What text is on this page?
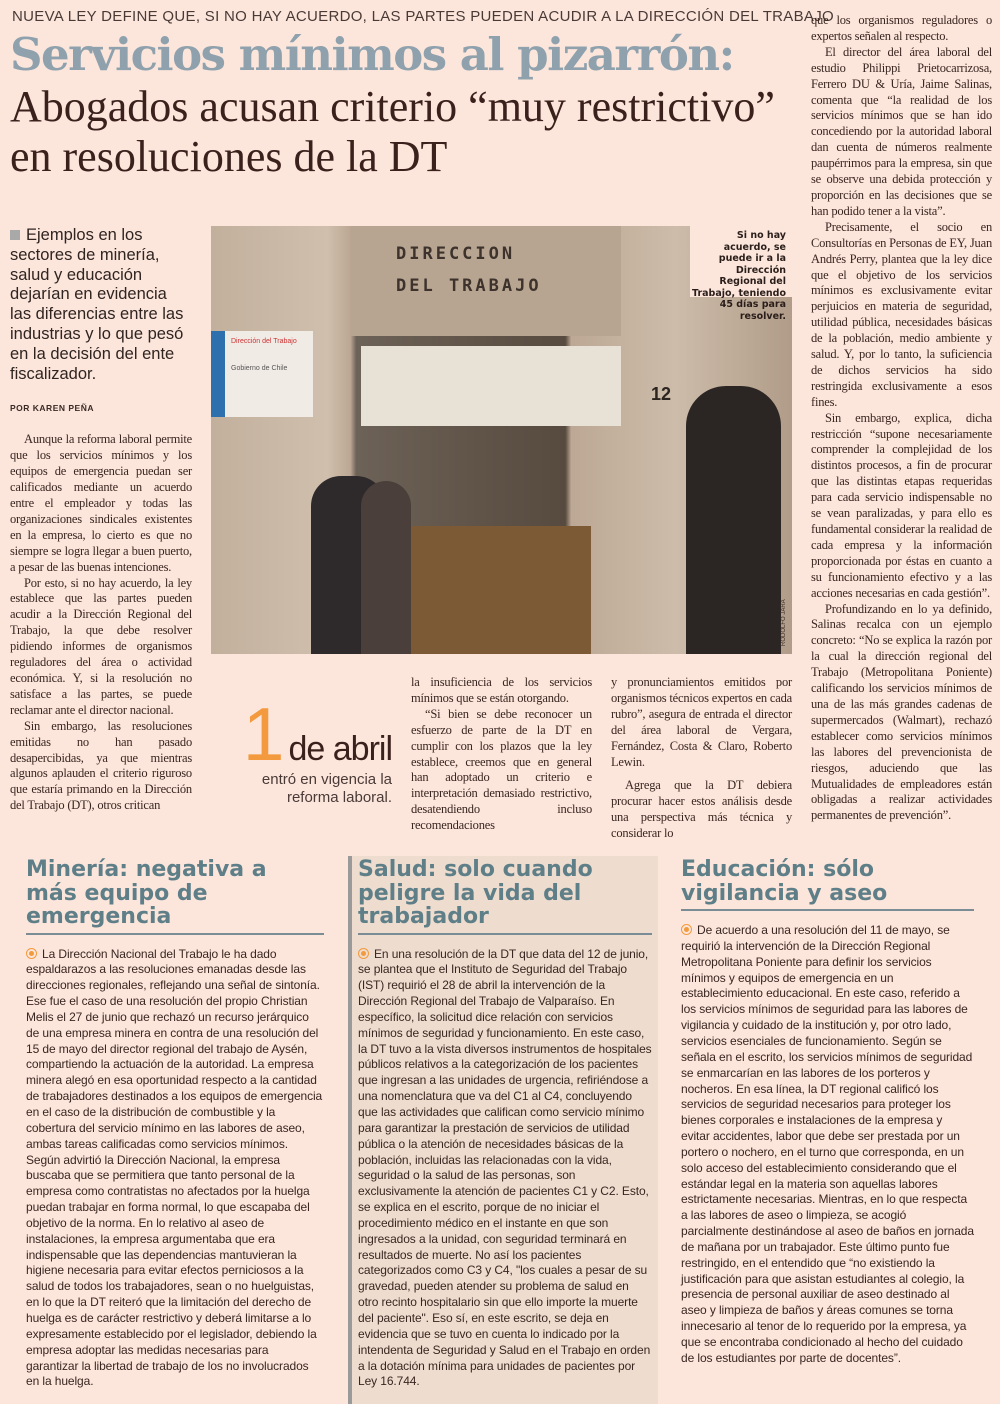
NUEVA LEY DEFINE QUE, SI NO HAY ACUERDO, LAS PARTES PUEDEN ACUDIR A LA DIRECCIÓN DEL TRABAJO
Servicios mínimos al pizarrón:
Abogados acusan criterio “muy restrictivo” en resoluciones de la DT
Ejemplos en los sectores de minería, salud y educación dejarían en evidencia las diferencias entre las industrias y lo que pesó en la decisión del ente fiscalizador.
POR KAREN PEÑA

Aunque la reforma laboral permite que los servicios mínimos y los equipos de emergencia puedan ser calificados mediante un acuerdo entre el empleador y todas las organizaciones sindicales existentes en la empresa, lo cierto es que no siempre se logra llegar a buen puerto, a pesar de las buenas intenciones.

Por esto, si no hay acuerdo, la ley establece que las partes pueden acudir a la Dirección Regional del Trabajo, la que debe resolver pidiendo informes de organismos reguladores del área o actividad económica. Y, si la resolución no satisface a las partes, se puede reclamar ante el director nacional.

Sin embargo, las resoluciones emitidas no han pasado desapercibidas, ya que mientras algunos aplauden el criterio riguroso que estaría primando en la Dirección del Trabajo (DT), otros critican

DIRECCION
DEL TRABAJO
Dirección del Trabajo

Gobierno de Chile
12
Si no hay acuerdo, se puede ir a la Dirección Regional del Trabajo, teniendo 45 días para resolver.
RODOLFO JARA
1 de abril
entró en vigencia la reforma laboral.

la insuficiencia de los servicios mínimos que se están otorgando.

“Si bien se debe reconocer un esfuerzo de parte de la DT en cumplir con los plazos que la ley establece, creemos que en general han adoptado un criterio e interpretación demasiado restrictivo, desatendiendo incluso recomendaciones

y pronunciamientos emitidos por organismos técnicos expertos en cada rubro”, asegura de entrada el director del área laboral de Vergara, Fernández, Costa & Claro, Roberto Lewin.

Agrega que la DT debiera procurar hacer estos análisis desde una perspectiva más técnica y considerar lo

que los organismos reguladores o expertos señalen al respecto.

El director del área laboral del estudio Philippi Prietocarrizosa, Ferrero DU & Uría, Jaime Salinas, comenta que “la realidad de los servicios mínimos que se han ido concediendo por la autoridad laboral dan cuenta de números realmente paupérrimos para la empresa, sin que se observe una debida protección y proporción en las decisiones que se han podido tener a la vista”.

Precisamente, el socio en Consultorías en Personas de EY, Juan Andrés Perry, plantea que la ley dice que el objetivo de los servicios mínimos es exclusivamente evitar perjuicios en materia de seguridad, utilidad pública, necesidades básicas de la población, medio ambiente y salud. Y, por lo tanto, la suficiencia de dichos servicios ha sido restringida exclusivamente a esos fines.

Sin embargo, explica, dicha restricción “supone necesariamente comprender la complejidad de los distintos procesos, a fin de procurar que las distintas etapas requeridas para cada servicio indispensable no se vean paralizadas, y para ello es fundamental considerar la realidad de cada empresa y la información proporcionada por éstas en cuanto a su funcionamiento efectivo y a las acciones necesarias en cada gestión”.

Profundizando en lo ya definido, Salinas recalca con un ejemplo concreto: “No se explica la razón por la cual la dirección regional del Trabajo (Metropolitana Poniente) calificando los servicios mínimos de una de las más grandes cadenas de supermercados (Walmart), rechazó establecer como servicios mínimos las labores del prevencionista de riesgos, aduciendo que las Mutualidades de empleadores están obligadas a realizar actividades permanentes de prevención”.

Minería: negativa a más equipo de emergencia
La Dirección Nacional del Trabajo le ha dado espaldarazos a las resoluciones emanadas desde las direcciones regionales, reflejando una señal de sintonía. Ese fue el caso de una resolución del propio Christian Melis el 27 de junio que rechazó un recurso jerárquico de una empresa minera en contra de una resolución del 15 de mayo del director regional del trabajo de Aysén, compartiendo la actuación de la autoridad. La empresa minera alegó en esa oportunidad respecto a la cantidad de trabajadores destinados a los equipos de emergencia en el caso de la distribución de combustible y la cobertura del servicio mínimo en las labores de aseo, ambas tareas calificadas como servicios mínimos. Según advirtió la Dirección Nacional, la empresa buscaba que se permitiera que tanto personal de la empresa como contratistas no afectados por la huelga puedan trabajar en forma normal, lo que escapaba del objetivo de la norma. En lo relativo al aseo de instalaciones, la empresa argumentaba que era indispensable que las dependencias mantuvieran la higiene necesaria para evitar efectos perniciosos a la salud de todos los trabajadores, sean o no huelguistas, en lo que la DT reiteró que la limitación del derecho de huelga es de carácter restrictivo y deberá limitarse a lo expresamente establecido por el legislador, debiendo la empresa adoptar las medidas necesarias para garantizar la libertad de trabajo de los no involucrados en la huelga.
Salud: solo cuando peligre la vida del trabajador
En una resolución de la DT que data del 12 de junio, se plantea que el Instituto de Seguridad del Trabajo (IST) requirió el 28 de abril la intervención de la Dirección Regional del Trabajo de Valparaíso. En específico, la solicitud dice relación con servicios mínimos de seguridad y funcionamiento. En este caso, la DT tuvo a la vista diversos instrumentos de hospitales públicos relativos a la categorización de los pacientes que ingresan a las unidades de urgencia, refiriéndose a una nomenclatura que va del C1 al C4, concluyendo que las actividades que califican como servicio mínimo para garantizar la prestación de servicios de utilidad pública o la atención de necesidades básicas de la población, incluidas las relacionadas con la vida, seguridad o la salud de las personas, son exclusivamente la atención de pacientes C1 y C2. Esto, se explica en el escrito, porque de no iniciar el procedimiento médico en el instante en que son ingresados a la unidad, con seguridad terminará en resultados de muerte. No así los pacientes categorizados como C3 y C4, "los cuales a pesar de su gravedad, pueden atender su problema de salud en otro recinto hospitalario sin que ello importe la muerte del paciente". Eso sí, en este escrito, se deja en evidencia que se tuvo en cuenta lo indicado por la intendenta de Seguridad y Salud en el Trabajo en orden a la dotación mínima para unidades de pacientes por Ley 16.744.
Educación: sólo vigilancia y aseo
De acuerdo a una resolución del 11 de mayo, se requirió la intervención de la Dirección Regional Metropolitana Poniente para definir los servicios mínimos y equipos de emergencia en un establecimiento educacional. En este caso, referido a los servicios mínimos de seguridad para las labores de vigilancia y cuidado de la institución y, por otro lado, servicios esenciales de funcionamiento. Según se señala en el escrito, los servicios mínimos de seguridad se enmarcarían en las labores de los porteros y nocheros. En esa línea, la DT regional calificó los servicios de seguridad necesarios para proteger los bienes corporales e instalaciones de la empresa y evitar accidentes, labor que debe ser prestada por un portero o nochero, en el turno que corresponda, en un solo acceso del establecimiento considerando que el estándar legal en la materia son aquellas labores estrictamente necesarias. Mientras, en lo que respecta a las labores de aseo o limpieza, se acogió parcialmente destinándose al aseo de baños en jornada de mañana por un trabajador. Este último punto fue restringido, en el entendido que “no existiendo la justificación para que asistan estudiantes al colegio, la presencia de personal auxiliar de aseo destinado al aseo y limpieza de baños y áreas comunes se torna innecesario al tenor de lo requerido por la empresa, ya que se encontraba condicionado al hecho del cuidado de los estudiantes por parte de docentes”.
